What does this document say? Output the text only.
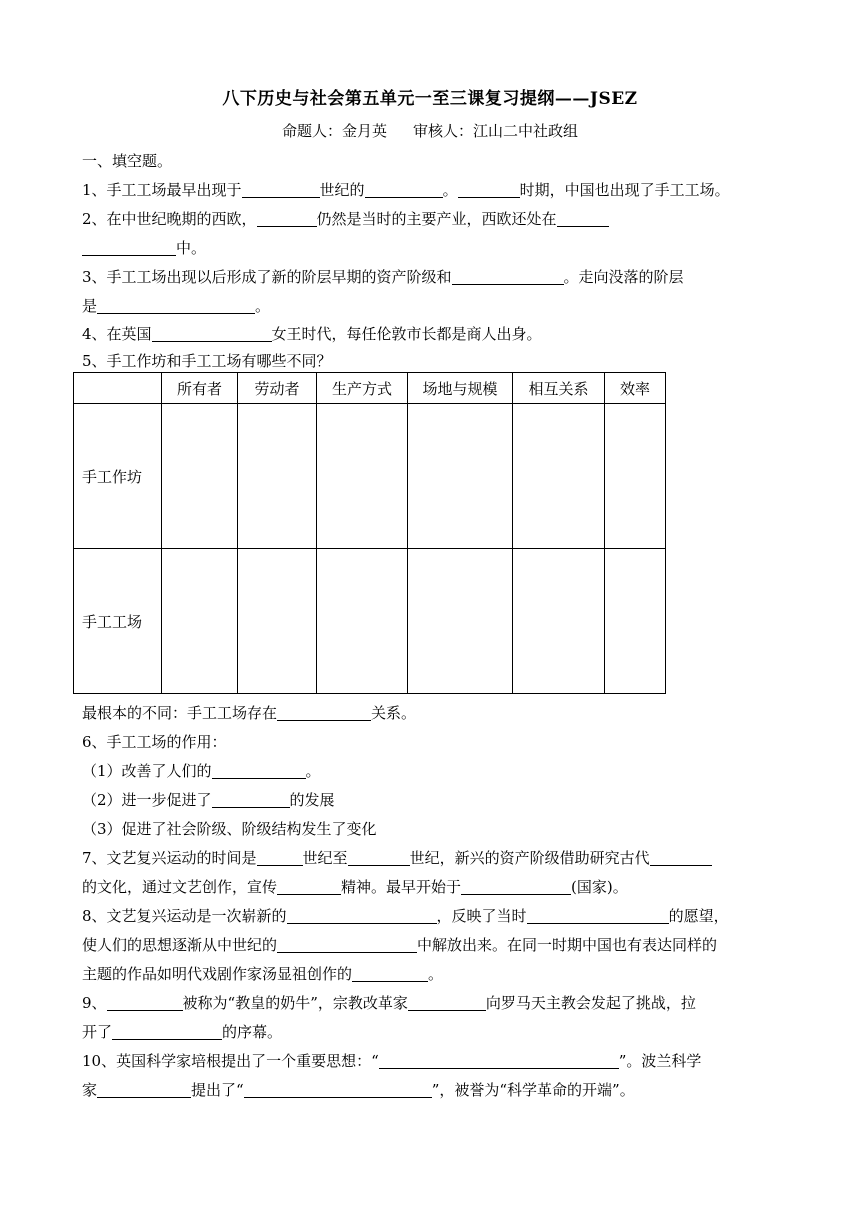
八下历史与社会第五单元一至三课复习提纲——JSEZ
命题人：金月英 审核人：江山二中社政组
一、填空题。
1、手工工场最早出现于	世纪的	。	时期，中国也出现了手工工场。
2、在中世纪晚期的西欧，	仍然是当时的主要产业，西欧还处在
中。
3、手工工场出现以后形成了新的阶层早期的资产阶级和	。走向没落的阶层
是	。
4、在英国	女王时代，每任伦敦市长都是商人出身。
5、手工作坊和手工工场有哪些不同？
	所有者	劳动者	生产方式	场地与规模	相互关系	效率
手工作坊						
手工工场						
最根本的不同：手工工场存在	关系。
6、手工工场的作用：
（1）改善了人们的	。
（2）进一步促进了	的发展
（3）促进了社会阶级、阶级结构发生了变化
7、文艺复兴运动的时间是	世纪至	世纪，新兴的资产阶级借助研究古代
的文化，通过文艺创作，宣传	精神。最早开始于	(国家)。
8、文艺复兴运动是一次崭新的	，反映了当时	的愿望，
使人们的思想逐渐从中世纪的	中解放出来。在同一时期中国也有表达同样的
主题的作品如明代戏剧作家汤显祖创作的	。
9、	被称为“教皇的奶牛”，宗教改革家	向罗马天主教会发起了挑战，拉
开了	的序幕。
10、英国科学家培根提出了一个重要思想：“	”。波兰科学
家	提出了“	”，被誉为“科学革命的开端”。
